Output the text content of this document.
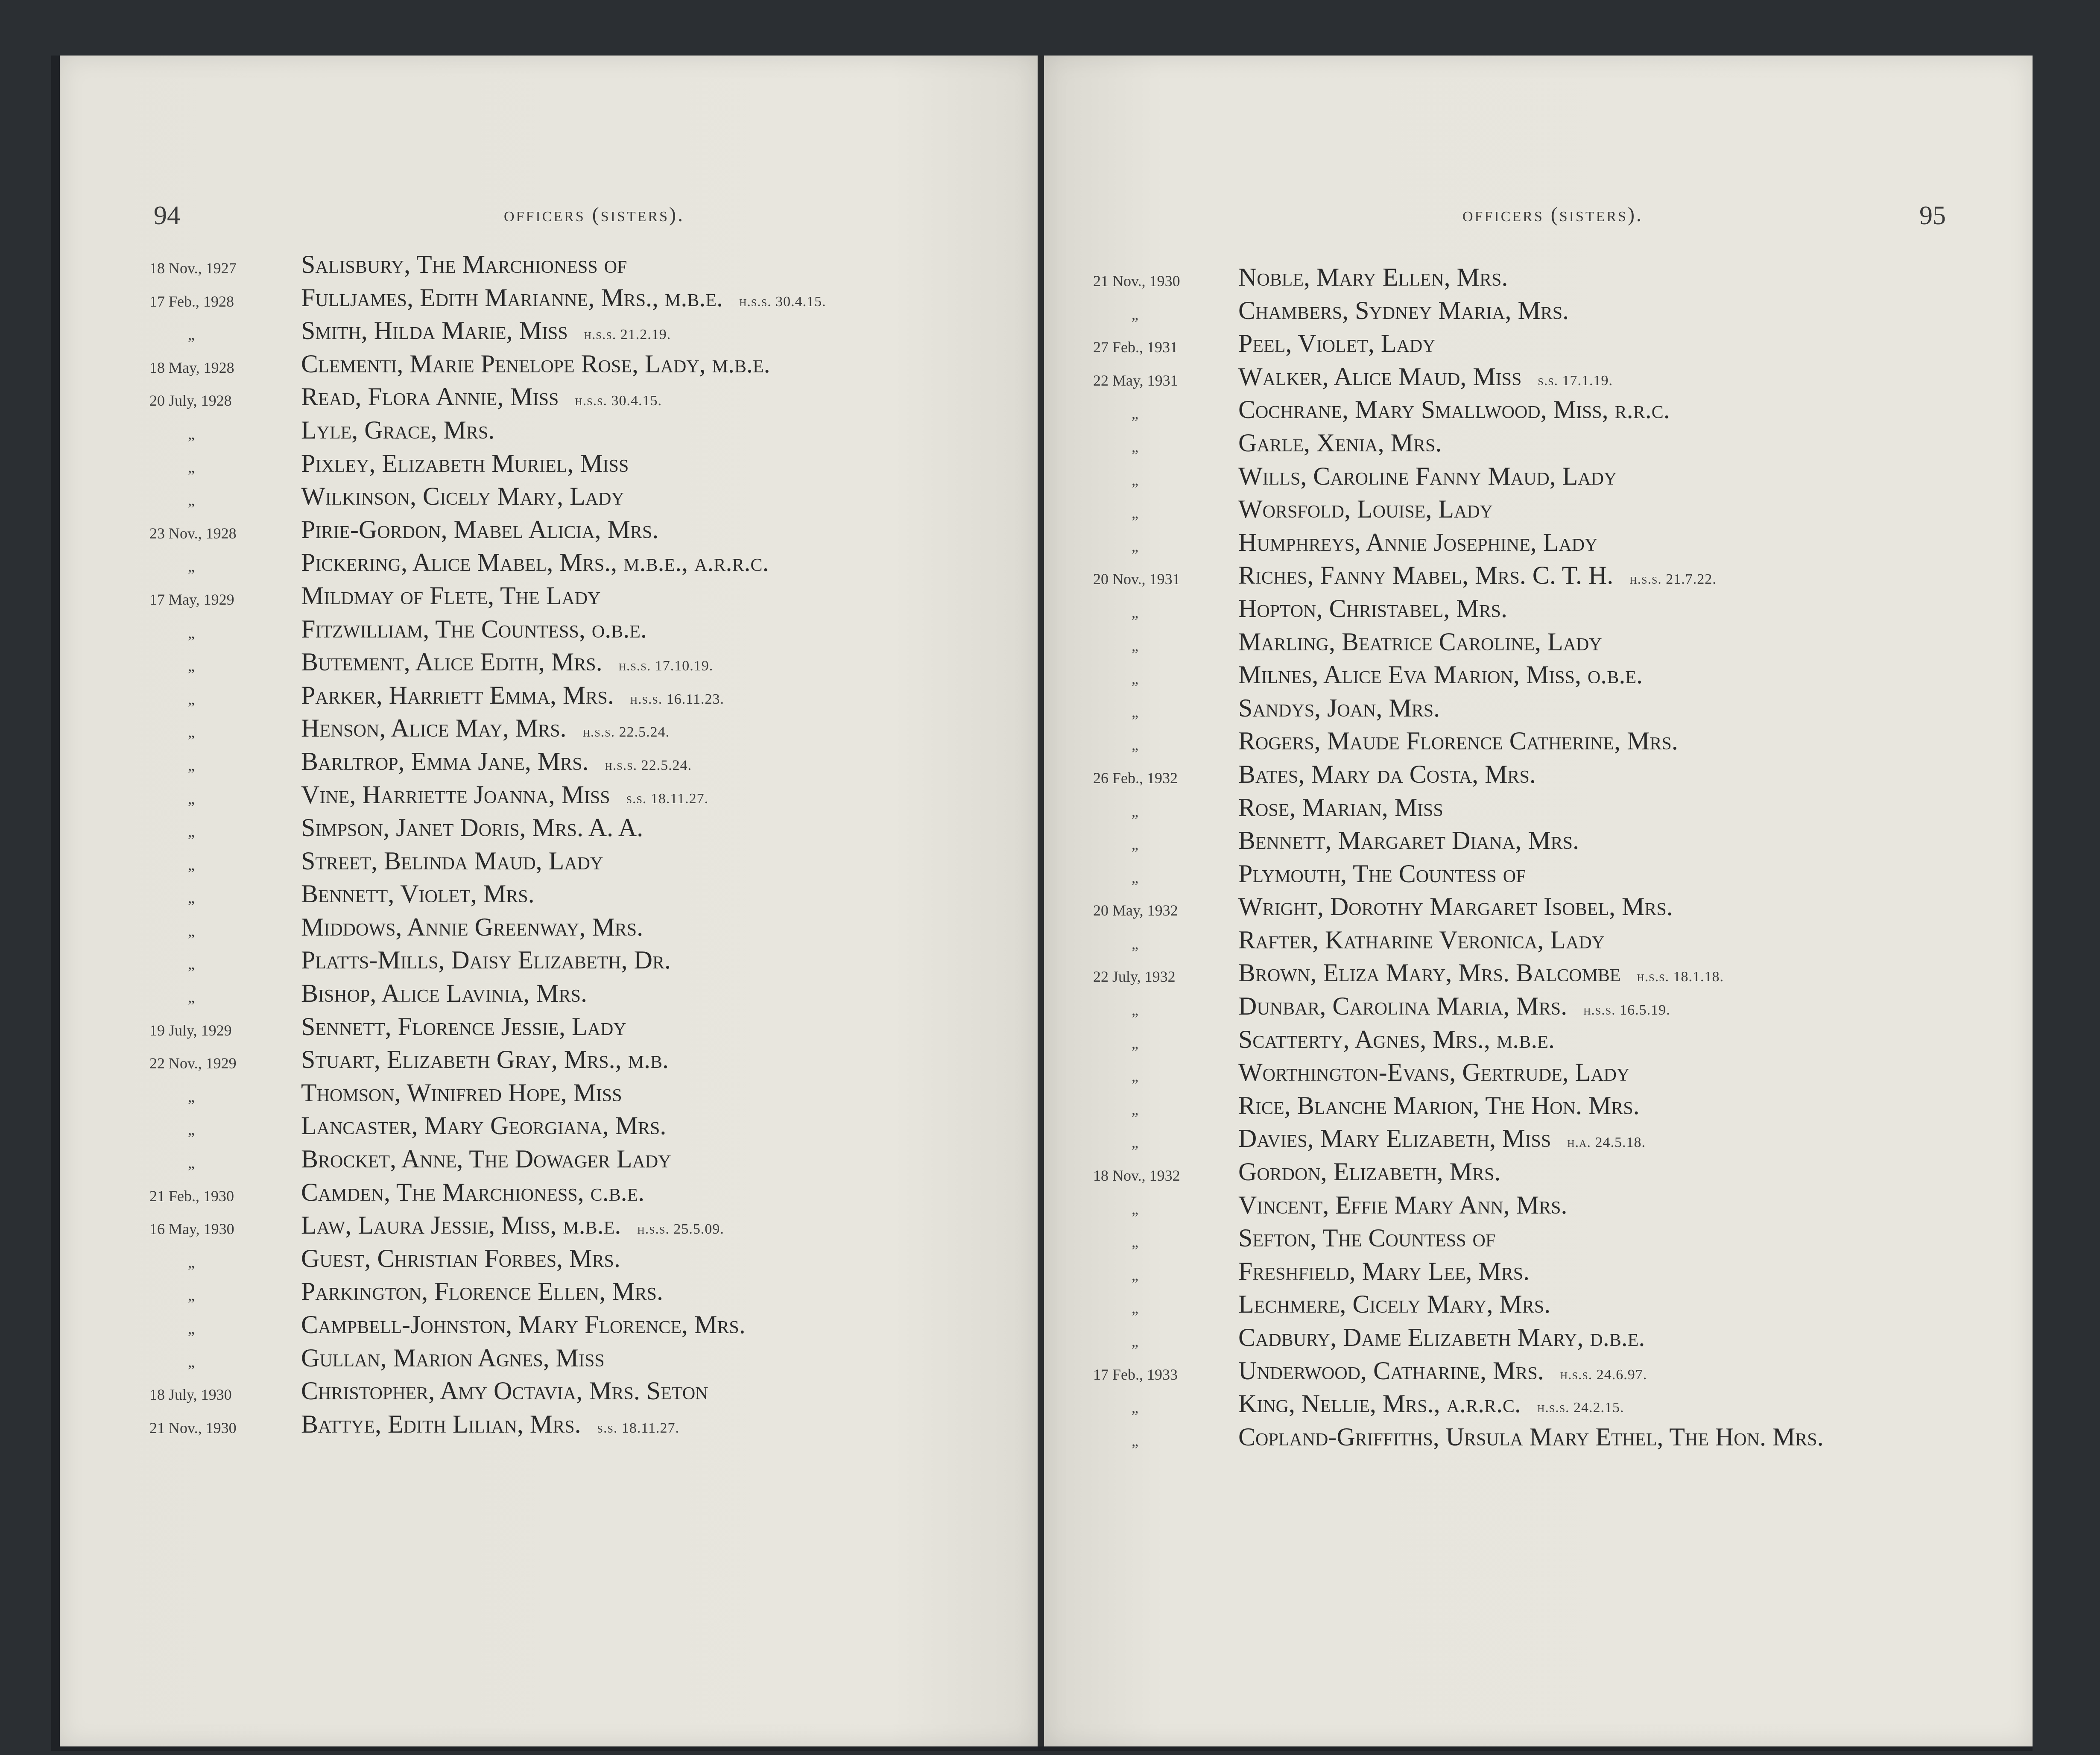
94	officers (sisters).
18 Nov., 1927	Salisbury, The Marchioness of
17 Feb., 1928	Fulljames, Edith Marianne, Mrs., m.b.e. h.s.s. 30.4.15.
„	Smith, Hilda Marie, Miss h.s.s. 21.2.19.
18 May, 1928	Clementi, Marie Penelope Rose, Lady, m.b.e.
20 July, 1928	Read, Flora Annie, Miss h.s.s. 30.4.15.
„	Lyle, Grace, Mrs.
„	Pixley, Elizabeth Muriel, Miss
„	Wilkinson, Cicely Mary, Lady
23 Nov., 1928	Pirie-Gordon, Mabel Alicia, Mrs.
„	Pickering, Alice Mabel, Mrs., m.b.e., a.r.r.c.
17 May, 1929	Mildmay of Flete, The Lady
„	Fitzwilliam, The Countess, o.b.e.
„	Butement, Alice Edith, Mrs. h.s.s. 17.10.19.
„	Parker, Harriett Emma, Mrs. h.s.s. 16.11.23.
„	Henson, Alice May, Mrs. h.s.s. 22.5.24.
„	Barltrop, Emma Jane, Mrs. h.s.s. 22.5.24.
„	Vine, Harriette Joanna, Miss s.s. 18.11.27.
„	Simpson, Janet Doris, Mrs. A. A.
„	Street, Belinda Maud, Lady
„	Bennett, Violet, Mrs.
„	Middows, Annie Greenway, Mrs.
„	Platts-Mills, Daisy Elizabeth, Dr.
„	Bishop, Alice Lavinia, Mrs.
19 July, 1929	Sennett, Florence Jessie, Lady
22 Nov., 1929	Stuart, Elizabeth Gray, Mrs., m.b.
„	Thomson, Winifred Hope, Miss
„	Lancaster, Mary Georgiana, Mrs.
„	Brocket, Anne, The Dowager Lady
21 Feb., 1930	Camden, The Marchioness, c.b.e.
16 May, 1930	Law, Laura Jessie, Miss, m.b.e. h.s.s. 25.5.09.
„	Guest, Christian Forbes, Mrs.
„	Parkington, Florence Ellen, Mrs.
„	Campbell-Johnston, Mary Florence, Mrs.
„	Gullan, Marion Agnes, Miss
18 July, 1930	Christopher, Amy Octavia, Mrs. Seton
21 Nov., 1930	Battye, Edith Lilian, Mrs. s.s. 18.11.27.
officers (sisters).	95
21 Nov., 1930 Noble, Mary Ellen, Mrs.
„	Chambers, Sydney Maria, Mrs.
27 Feb., 1931 Peel, Violet, Lady
22 May, 1931 Walker, Alice Maud, Miss s.s. 17.1.19.
„	Cochrane, Mary Smallwood, Miss, r.r.c.
„	Garle, Xenia, Mrs.
„	Wills, Caroline Fanny Maud, Lady
„	Worsfold, Louise, Lady
„	Humphreys, Annie Josephine, Lady
20 Nov., 1931 Riches, Fanny Mabel, Mrs. C. T. H. h.s.s. 21.7.22.
„	Hopton, Christabel, Mrs.
„	Marling, Beatrice Caroline, Lady
„	Milnes, Alice Eva Marion, Miss, o.b.e.
„	Sandys, Joan, Mrs.
„	Rogers, Maude Florence Catherine, Mrs.
26 Feb., 1932 Bates, Mary da Costa, Mrs.
„	Rose, Marian, Miss
„	Bennett, Margaret Diana, Mrs.
„	Plymouth, The Countess of
20 May, 1932 Wright, Dorothy Margaret Isobel, Mrs.
„	Rafter, Katharine Veronica, Lady
22 July, 1932 Brown, Eliza Mary, Mrs. Balcombe h.s.s. 18.1.18.
„	Dunbar, Carolina Maria, Mrs. h.s.s. 16.5.19.
„	Scatterty, Agnes, Mrs., m.b.e.
„	Worthington-Evans, Gertrude, Lady
„	Rice, Blanche Marion, The Hon. Mrs.
„	Davies, Mary Elizabeth, Miss h.a. 24.5.18.
18 Nov., 1932 Gordon, Elizabeth, Mrs.
„	Vincent, Effie Mary Ann, Mrs.
„	Sefton, The Countess of
„	Freshfield, Mary Lee, Mrs.
„	Lechmere, Cicely Mary, Mrs.
„	Cadbury, Dame Elizabeth Mary, d.b.e.
17 Feb., 1933 Underwood, Catharine, Mrs. h.s.s. 24.6.97.
„	King, Nellie, Mrs., a.r.r.c. h.s.s. 24.2.15.
„	Copland-Griffiths, Ursula Mary Ethel, The Hon. Mrs.
